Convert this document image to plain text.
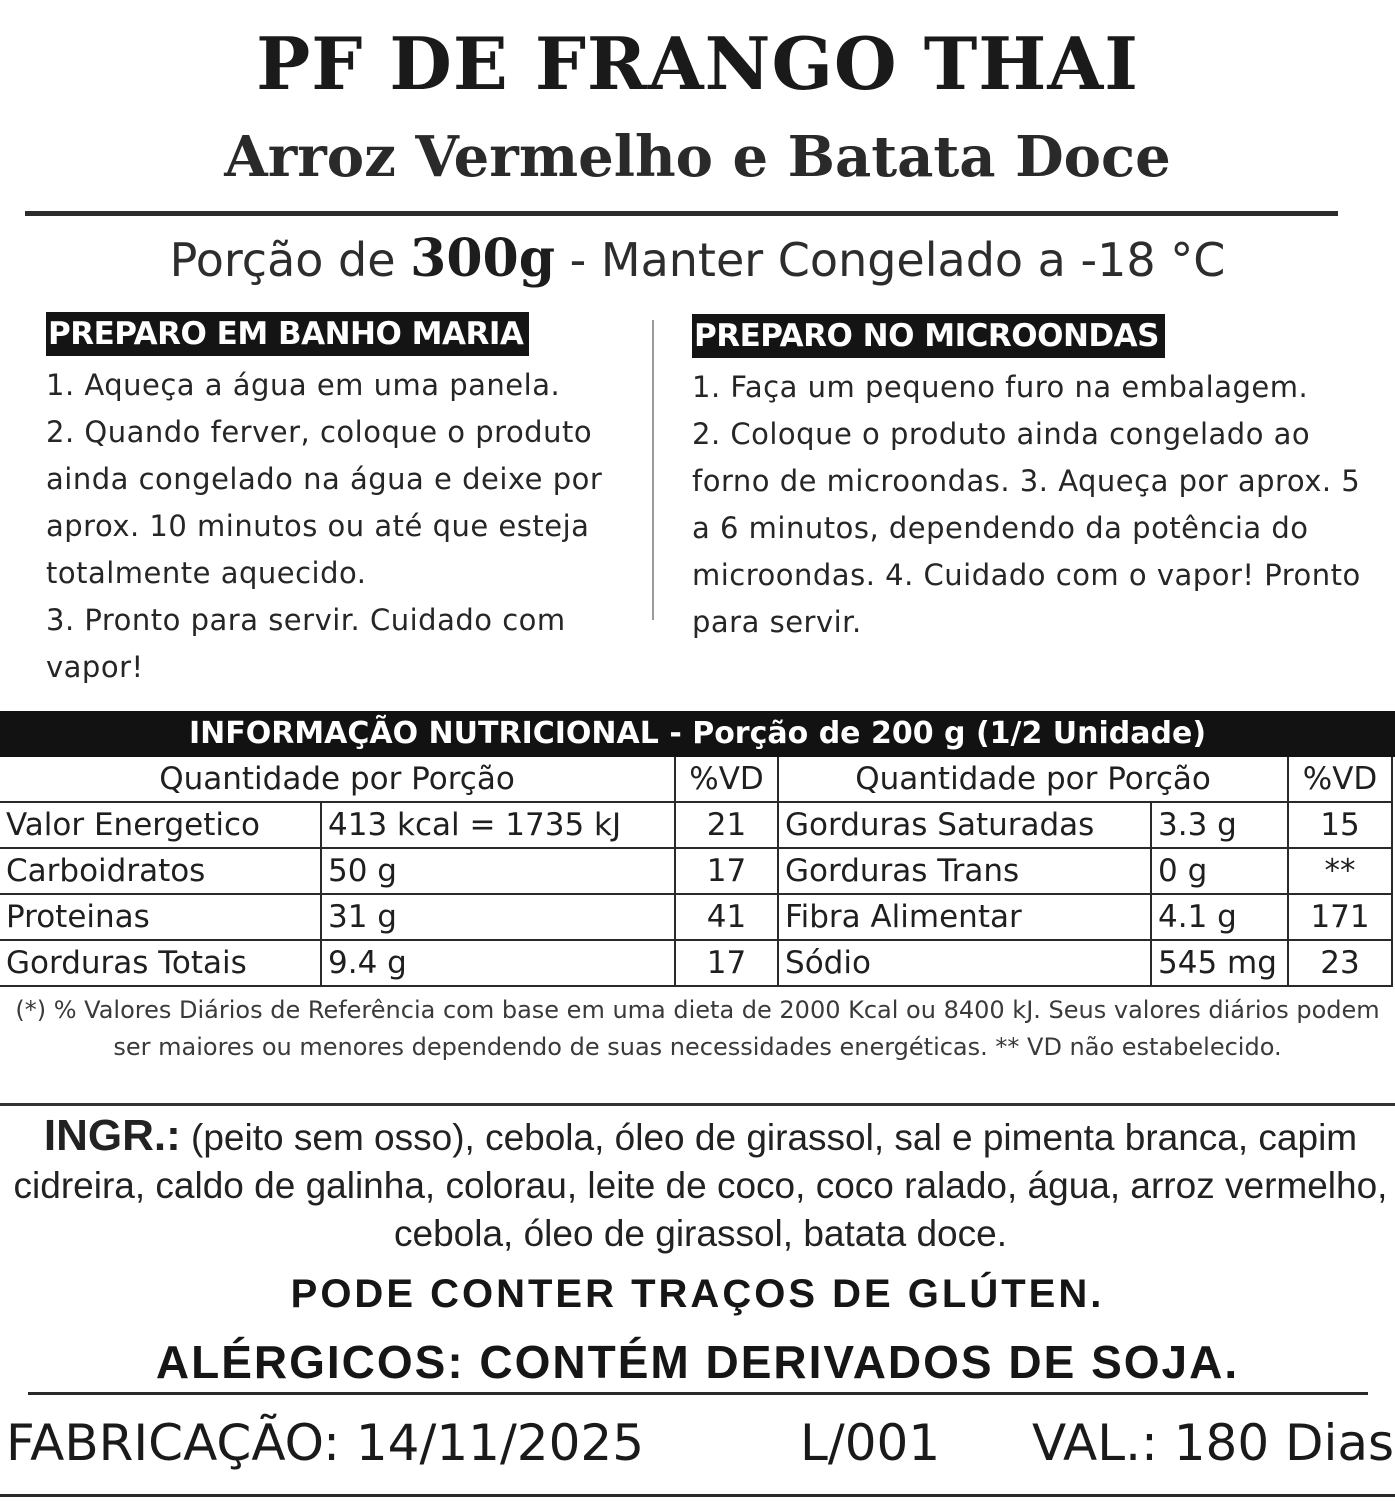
PF DE FRANGO THAI
Arroz Vermelho e Batata Doce
Porção de 300g - Manter Congelado a -18 °C
PREPARO EM BANHO MARIA

1. Aqueça a água em uma panela.

2. Quando ferver, coloque o produto ainda congelado na água e deixe por aprox. 10 minutos ou até que esteja totalmente aquecido.

3. Pronto para servir. Cuidado com vapor!

PREPARO NO MICROONDAS

1. Faça um pequeno furo na embalagem.

2. Coloque o produto ainda congelado ao forno de microondas. 3. Aqueça por aprox. 5 a 6 minutos, dependendo da potência do microondas. 4. Cuidado com o vapor! Pronto para servir.

INFORMAÇÃO NUTRICIONAL - Porção de 200 g (1/2 Unidade)
Quantidade por Porção		%VD	Quantidade por Porção		%VD
Valor Energetico	413 kcal = 1735 kJ	21	Gorduras Saturadas	3.3 g	15
Carboidratos	50 g	17	Gorduras Trans	0 g	**
Proteinas	31 g	41	Fibra Alimentar	4.1 g	171
Gorduras Totais	9.4 g	17	Sódio	545 mg	23
(*) % Valores Diários de Referência com base em uma dieta de 2000 Kcal ou 8400 kJ. Seus valores diários podem ser maiores ou menores dependendo de suas necessidades energéticas. ** VD não estabelecido.
INGR.: (peito sem osso), cebola, óleo de girassol, sal e pimenta branca, capim cidreira, caldo de galinha, colorau, leite de coco, coco ralado, água, arroz vermelho, cebola, óleo de girassol, batata doce.
PODE CONTER TRAÇOS DE GLÚTEN.
ALÉRGICOS: CONTÉM DERIVADOS DE SOJA.
FABRICAÇÃO: 14/11/2025	L/001 VAL.: 180 Dias
